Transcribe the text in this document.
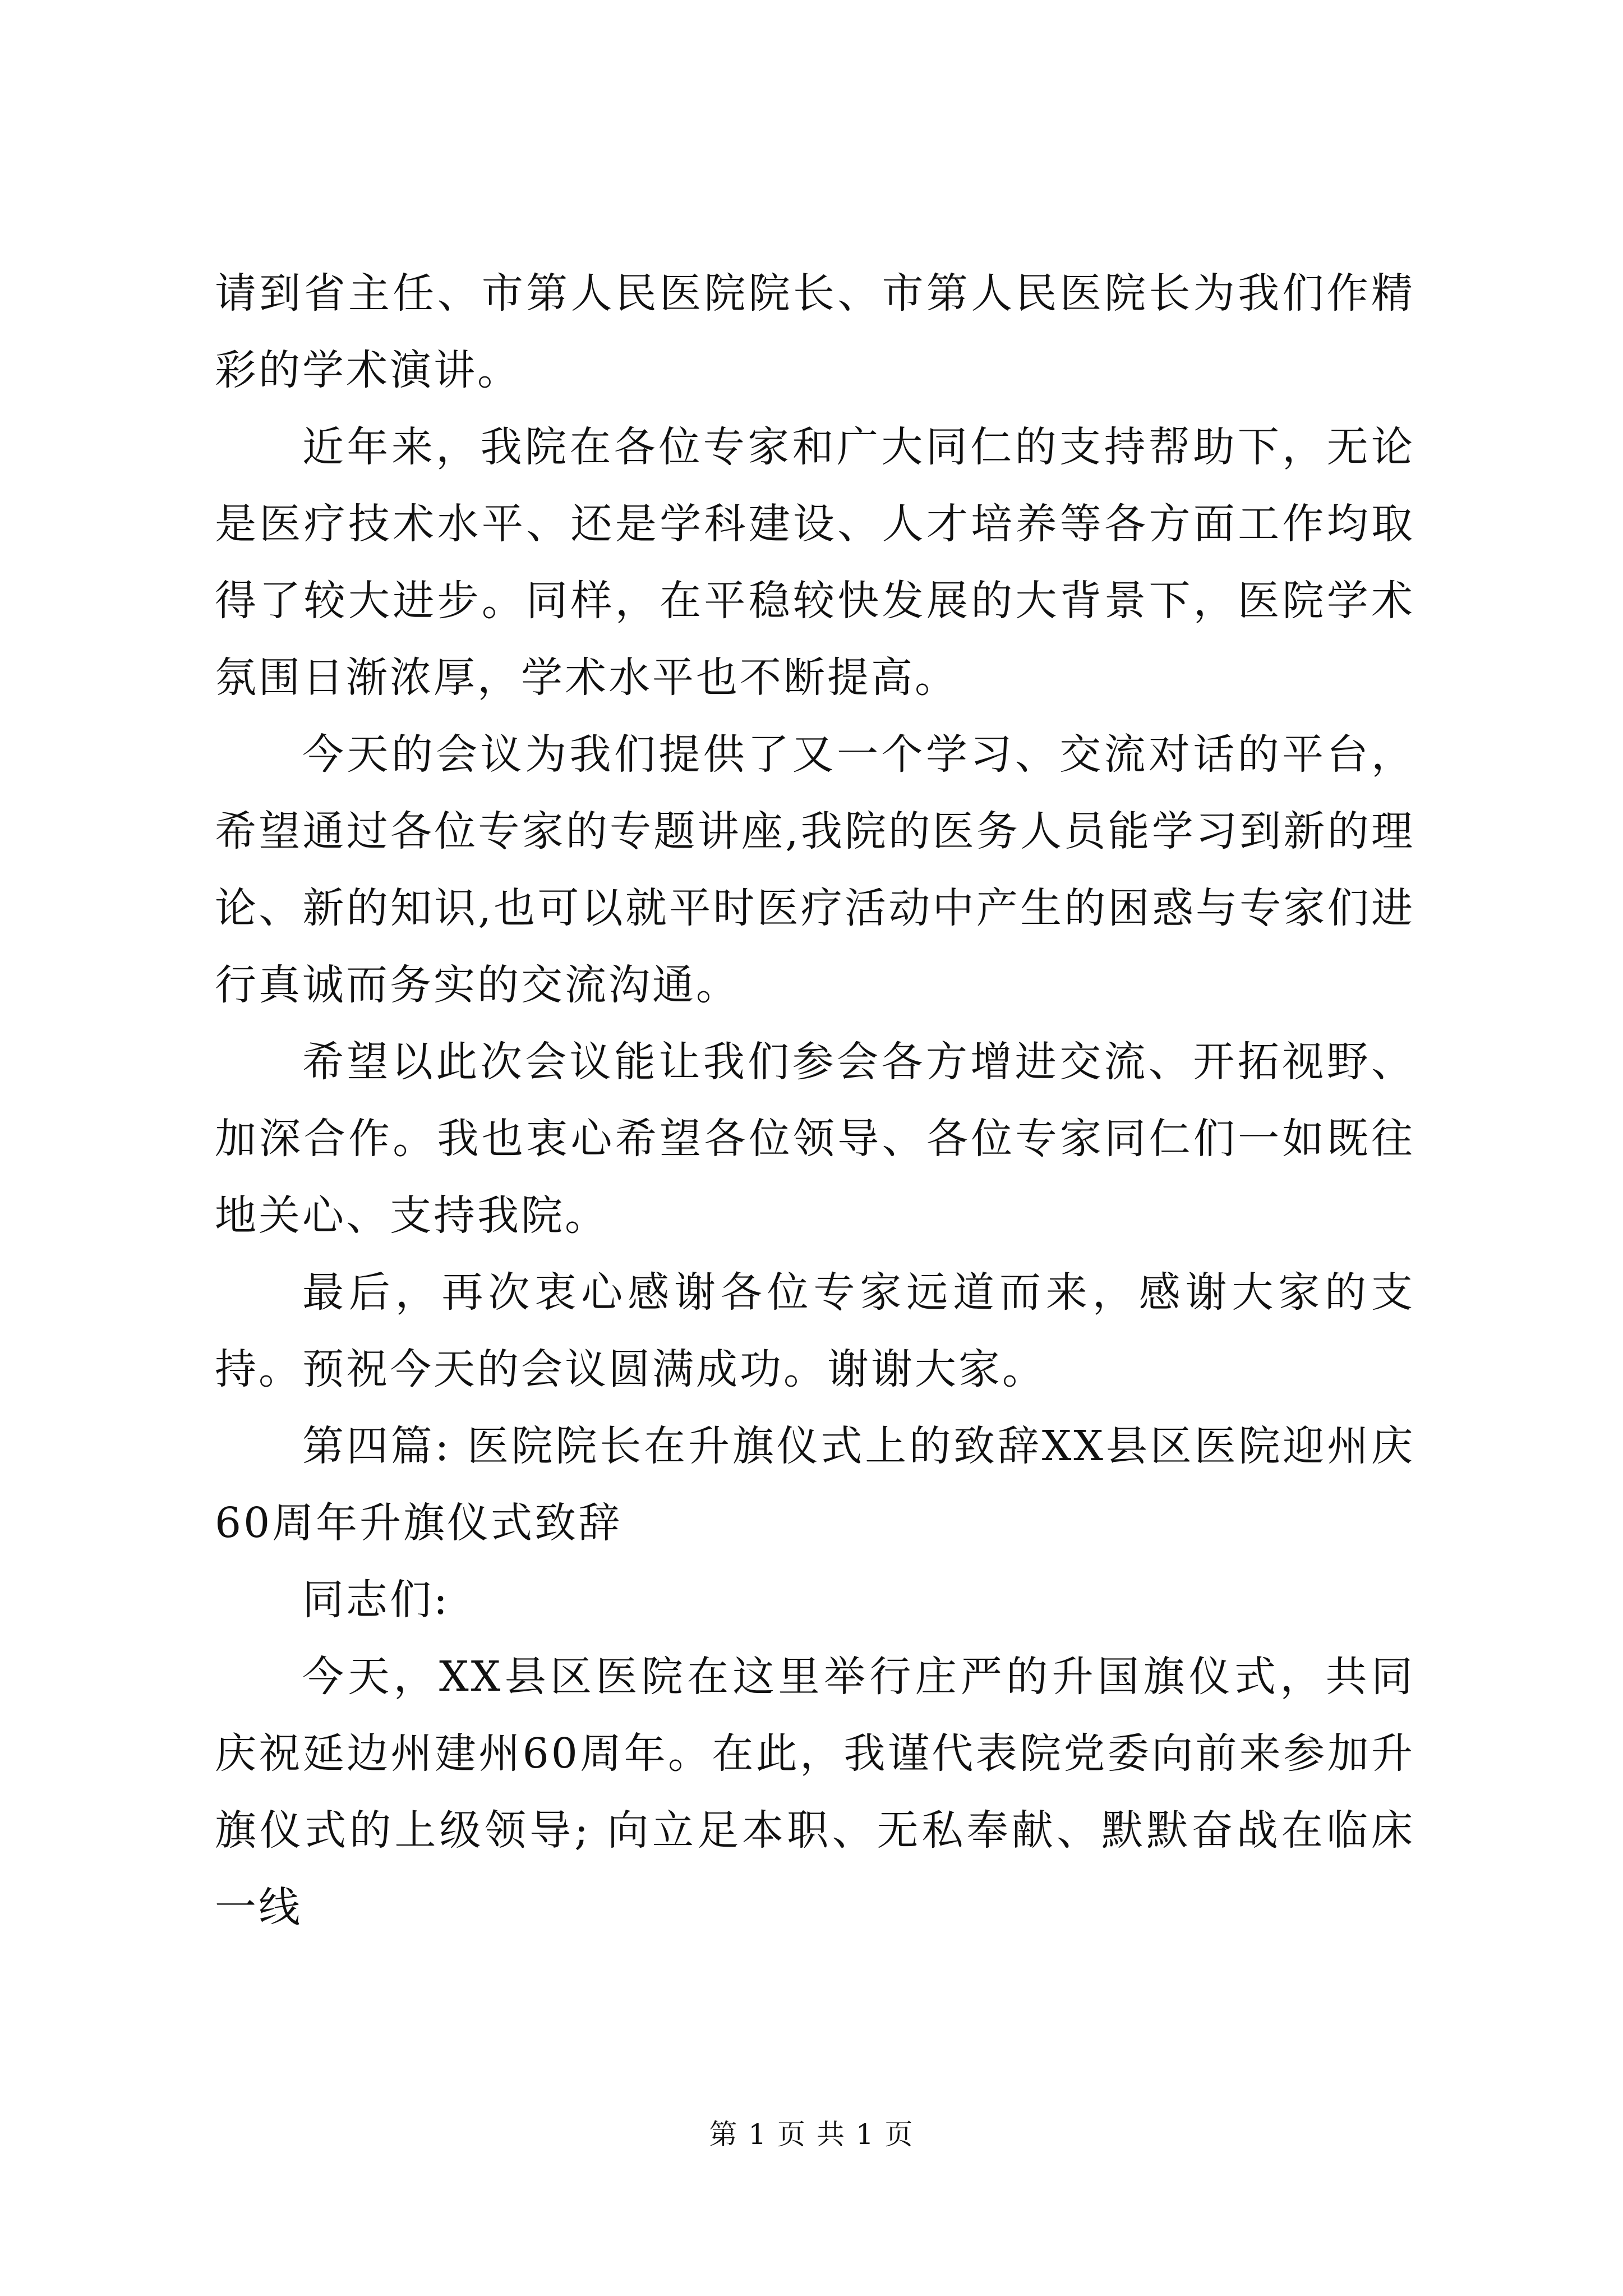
请到省主任、市第人民医院院长、市第人民医院长为我们作精彩的学术演讲。

近年来，我院在各位专家和广大同仁的支持帮助下，无论是医疗技术水平、还是学科建设、人才培养等各方面工作均取得了较大进步。同样，在平稳较快发展的大背景下，医院学术氛围日渐浓厚，学术水平也不断提高。

今天的会议为我们提供了又一个学习、交流对话的平台，希望通过各位专家的专题讲座,我院的医务人员能学习到新的理论、新的知识,也可以就平时医疗活动中产生的困惑与专家们进行真诚而务实的交流沟通。

希望以此次会议能让我们参会各方增进交流、开拓视野、加深合作。我也衷心希望各位领导、各位专家同仁们一如既往地关心、支持我院。

最后，再次衷心感谢各位专家远道而来，感谢大家的支持。预祝今天的会议圆满成功。谢谢大家。

第四篇: 医院院长在升旗仪式上的致辞XX县区医院迎州庆60周年升旗仪式致辞

同志们:

今天，XX县区医院在这里举行庄严的升国旗仪式，共同庆祝延边州建州60周年。在此，我谨代表院党委向前来参加升旗仪式的上级领导; 向立足本职、无私奉献、默默奋战在临床一线

第 1 页 共 1 页
